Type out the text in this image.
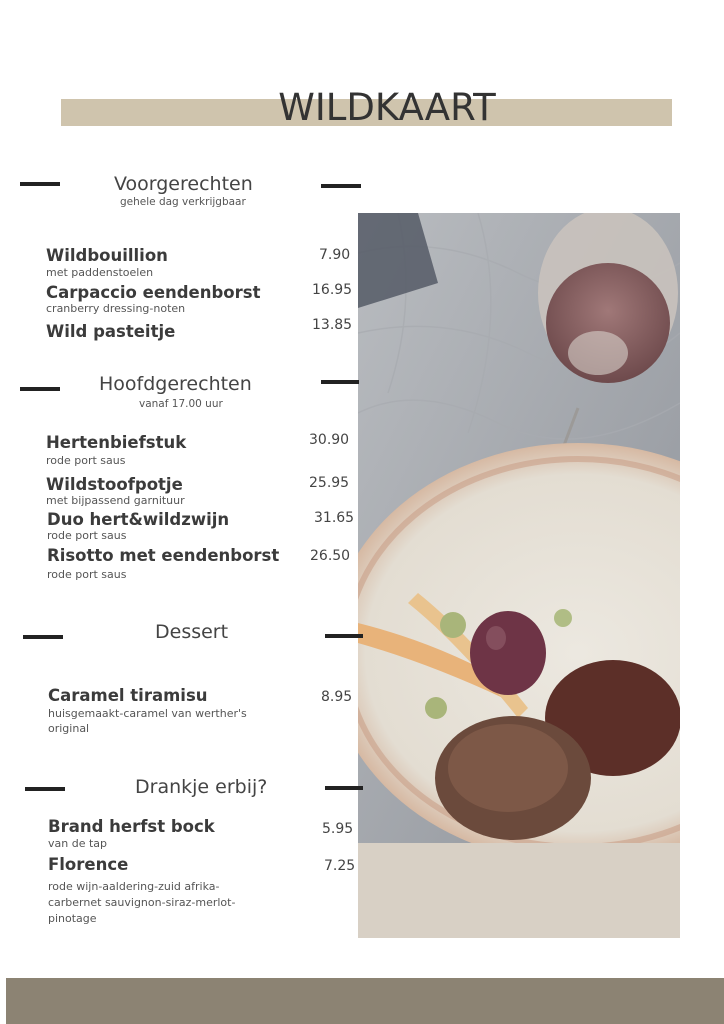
WILDKAART
Voorgerechten
gehele dag verkrijgbaar
Wildbouillion
met paddenstoelen
7.90
Carpaccio eendenborst
cranberry dressing-noten
16.95
Wild pasteitje	13.85
Hoofdgerechten
vanaf 17.00 uur
Hertenbiefstuk
rode port saus
30.90
Wildstoofpotje
met bijpassend garnituur
25.95
Duo hert&wildzwijn
rode port saus
31.65
Risotto met eendenborst
rode port saus
26.50
Dessert
Caramel tiramisu
huisgemaakt-caramel van werther's
original
8.95
Drankje erbij?
Brand herfst bock
van de tap
5.95
Florence
rode wijn-aaldering-zuid afrika-
carbernet sauvignon-siraz-merlot-
pinotage
7.25
